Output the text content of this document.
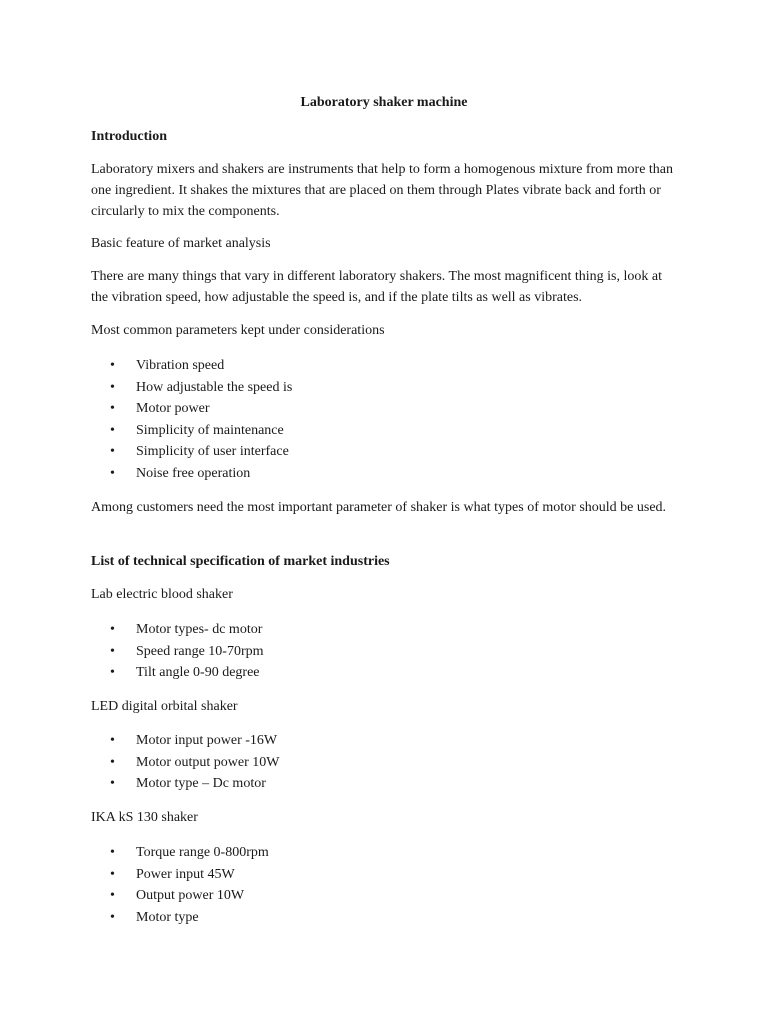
Laboratory shaker machine

Introduction

Laboratory mixers and shakers are instruments that help to form a homogenous mixture from more than one ingredient. It shakes the mixtures that are placed on them through Plates vibrate back and forth or circularly to mix the components.

Basic feature of market analysis

There are many things that vary in different laboratory shakers. The most magnificent thing is, look at the vibration speed, how adjustable the speed is, and if the plate tilts as well as vibrates.

Most common parameters kept under considerations

• Vibration speed
• How adjustable the speed is
• Motor power
• Simplicity of maintenance
• Simplicity of user interface
• Noise free operation

Among customers need the most important parameter of shaker is what types of motor should be used.

List of technical specification of market industries

Lab electric blood shaker

• Motor types- dc motor
• Speed range 10-70rpm
• Tilt angle 0-90 degree

LED digital orbital shaker

• Motor input power -16W
• Motor output power 10W
• Motor type – Dc motor

IKA kS 130 shaker

• Torque range 0-800rpm
• Power input 45W
• Output power 10W
• Motor type
